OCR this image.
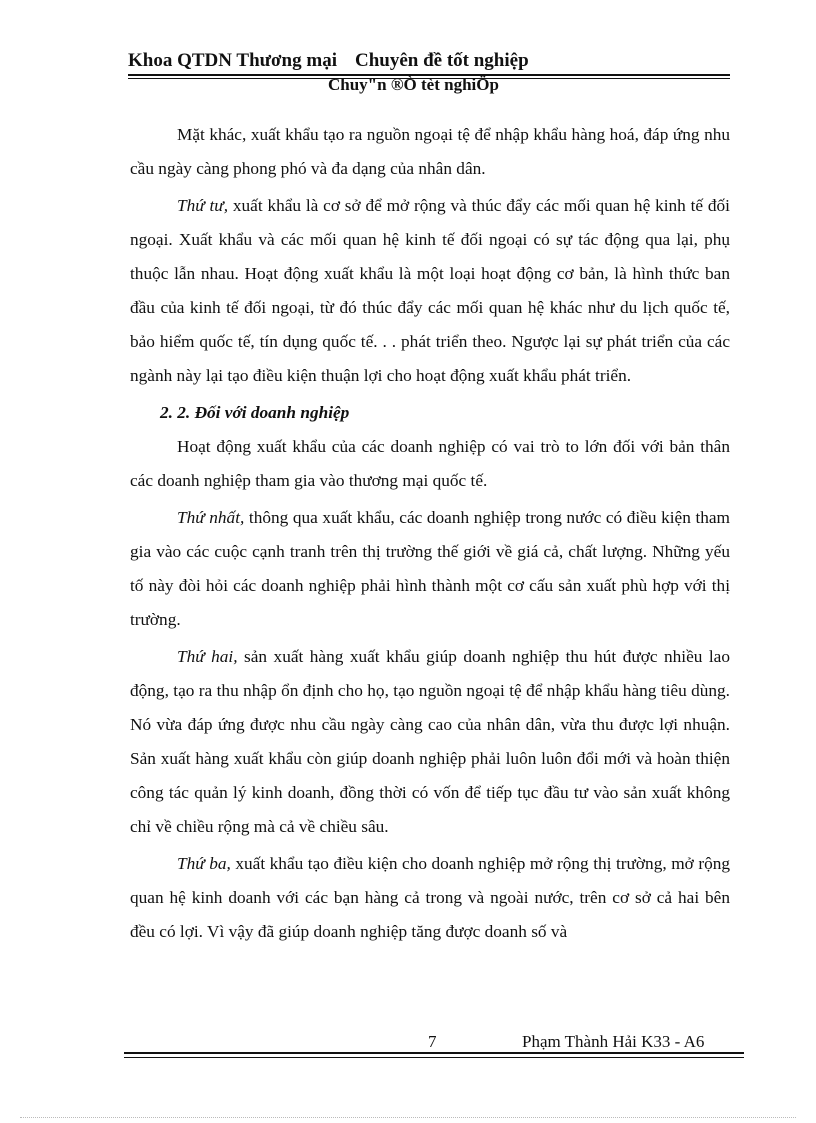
Khoa QTDN Thương mại Chuyên đề tốt nghiệp
Chuy"n ®Ò tèt nghiÖp

Mặt khác, xuất khẩu tạo ra nguồn ngoại tệ để nhập khẩu hàng hoá, đáp ứng nhu cầu ngày càng phong phó và đa dạng của nhân dân.

Thứ tư, xuất khẩu là cơ sở để mở rộng và thúc đẩy các mối quan hệ kinh tế đối ngoại. Xuất khẩu và các mối quan hệ kinh tế đối ngoại có sự tác động qua lại, phụ thuộc lẫn nhau. Hoạt động xuất khẩu là một loại hoạt động cơ bản, là hình thức ban đầu của kinh tế đối ngoại, từ đó thúc đẩy các mối quan hệ khác như du lịch quốc tế, bảo hiểm quốc tế, tín dụng quốc tế. . . phát triển theo. Ngược lại sự phát triển của các ngành này lại tạo điều kiện thuận lợi cho hoạt động xuất khẩu phát triển.

2. 2. Đối với doanh nghiệp

Hoạt động xuất khẩu của các doanh nghiệp có vai trò to lớn đối với bản thân các doanh nghiệp tham gia vào thương mại quốc tế.

Thứ nhất, thông qua xuất khẩu, các doanh nghiệp trong nước có điều kiện tham gia vào các cuộc cạnh tranh trên thị trường thế giới về giá cả, chất lượng. Những yếu tố này đòi hỏi các doanh nghiệp phải hình thành một cơ cấu sản xuất phù hợp với thị trường.

Thứ hai, sản xuất hàng xuất khẩu giúp doanh nghiệp thu hút được nhiều lao động, tạo ra thu nhập ổn định cho họ, tạo nguồn ngoại tệ để nhập khẩu hàng tiêu dùng. Nó vừa đáp ứng được nhu cầu ngày càng cao của nhân dân, vừa thu được lợi nhuận. Sản xuất hàng xuất khẩu còn giúp doanh nghiệp phải luôn luôn đổi mới và hoàn thiện công tác quản lý kinh doanh, đồng thời có vốn để tiếp tục đầu tư vào sản xuất không chỉ về chiều rộng mà cả về chiều sâu.

Thứ ba, xuất khẩu tạo điều kiện cho doanh nghiệp mở rộng thị trường, mở rộng quan hệ kinh doanh với các bạn hàng cả trong và ngoài nước, trên cơ sở cả hai bên đều có lợi. Vì vậy đã giúp doanh nghiệp tăng được doanh số và

7	Phạm Thành Hải K33 - A6
